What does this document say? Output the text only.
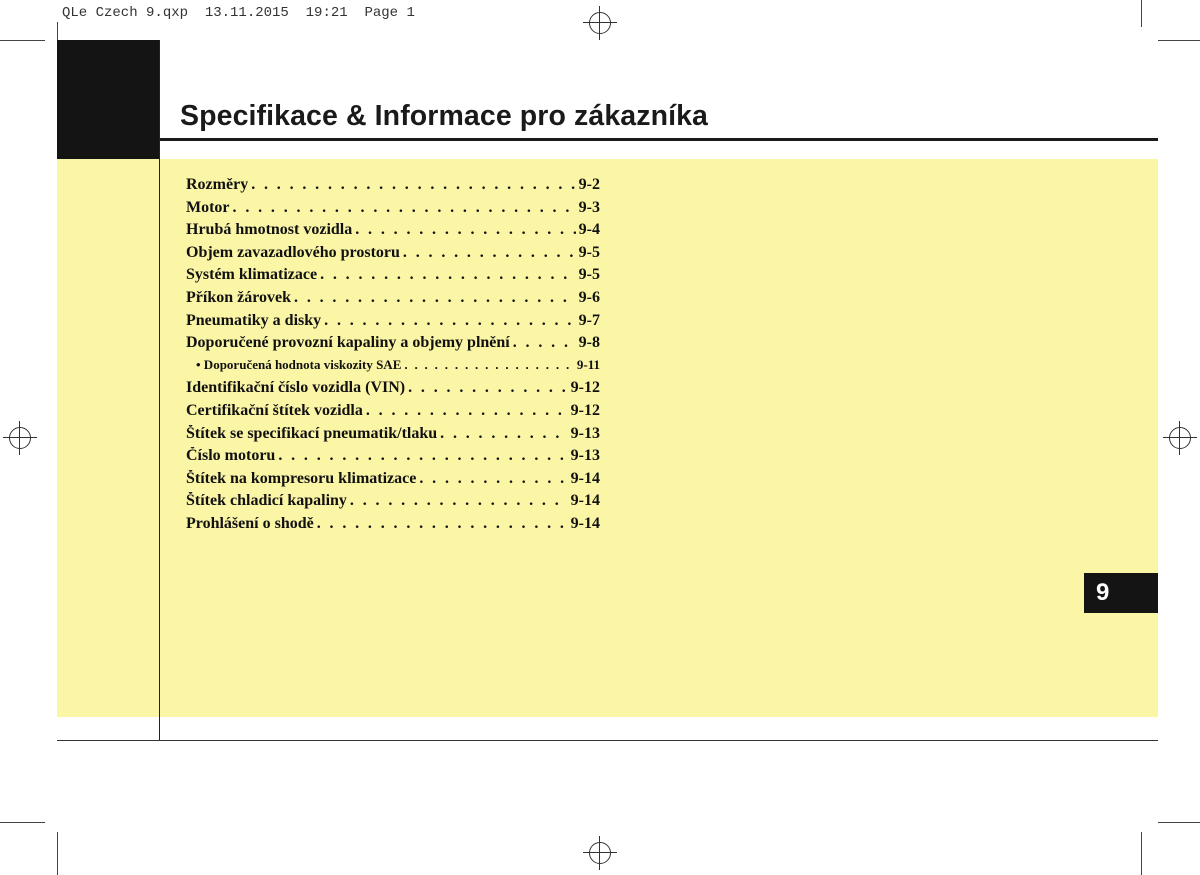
QLe Czech 9.qxp  13.11.2015  19:21  Page 1
Specifikace & Informace pro zákazníka
Rozměry . . .	9-2
Motor . . .	9-3
Hrubá hmotnost vozidla . . .	9-4
Objem zavazadlového prostoru . . .	9-5
Systém klimatizace . . .	9-5
Příkon žárovek . . .	9-6
Pneumatiky a disky . . .	9-7
Doporučené provozní kapaliny a objemy plnění . . .	9-8
• Doporučená hodnota viskozity SAE . . .	9-11
Identifikační číslo vozidla (VIN) . . .	9-12
Certifikační štítek vozidla . . .	9-12
Štítek se specifikací pneumatik/tlaku . . .	9-13
Číslo motoru . . .	9-13
Štítek na kompresoru klimatizace . . .	9-14
Štítek chladicí kapaliny . . .	9-14
Prohlášení o shodě . . .	9-14
9
